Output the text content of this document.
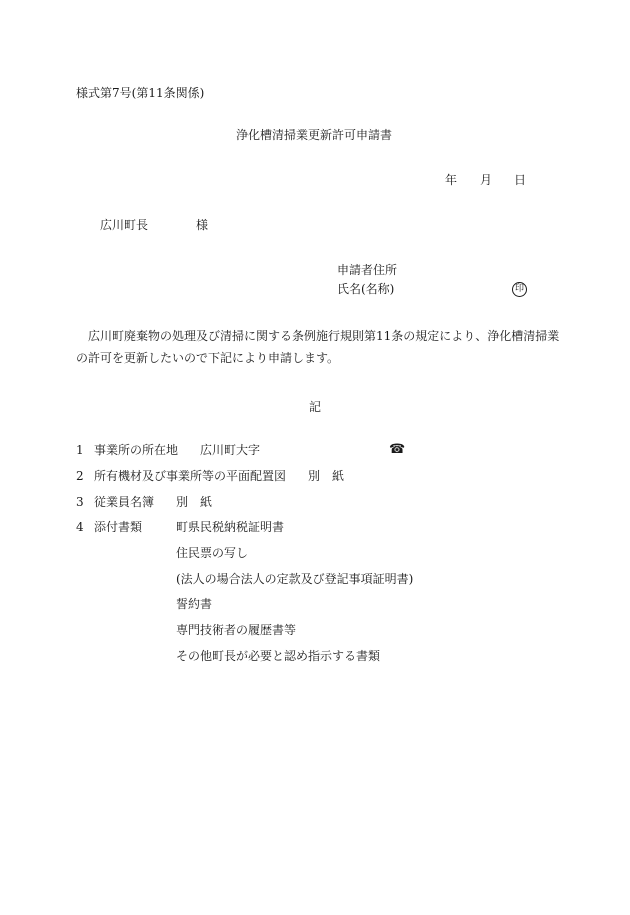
様式第7号(第11条関係)
浄化槽清掃業更新許可申請書
年 月 日
広川町長	様
申請者住所
氏名(名称)	印
広川町廃棄物の処理及び清掃に関する条例施行規則第11条の規定により、浄化槽清掃業
の許可を更新したいので下記により申請します。
記
1 事業所の所在地 広川町大字
☎
2 所有機材及び事業所等の平面配置図 別　紙
3 従業員名簿 別　紙
4 添付書類	町県民税納税証明書
住民票の写し
(法人の場合法人の定款及び登記事項証明書)
誓約書
専門技術者の履歴書等
その他町長が必要と認め指示する書類
